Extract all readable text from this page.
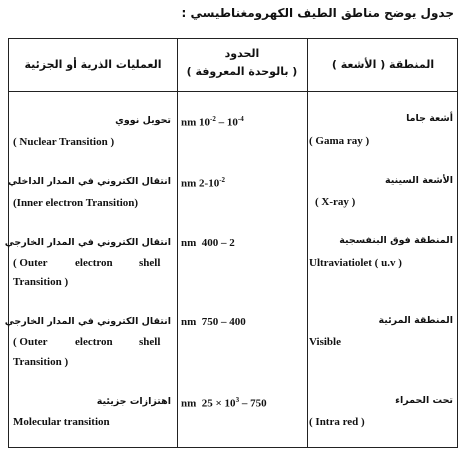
جدول يوضح مناطق الطيف الكهرومغناطيسي :
العمليات الذرية أو الجزئية
الحدود
( بالوحدة المعروفة )
المنطقة ( الأشعة )
أشعة جاما
( Gama ray )
nm $10^{-2} - 10^{-4}$
تحويل نووي
( Nuclear Transition )
الأشعة السينية
( X-ray )
nm $2-10^{-2}$
انتقال الكتروني في المدار الداخلي
(Inner electron Transition)
المنطقة فوق البنفسجية
Ultraviatiolet ( u.v )
nm 400 – 2
انتقال الكتروني في المدار الخارجي
( Outer electron shell
Transition )
المنطقة المرئية
Visible
nm 750 – 400
انتقال الكتروني في المدار الخارجي
( Outer electron shell
Transition )
تحت الحمراء
( Intra red )
nm $25 \times 10^3 - 750$
اهتزازات جزيئية
Molecular transition
